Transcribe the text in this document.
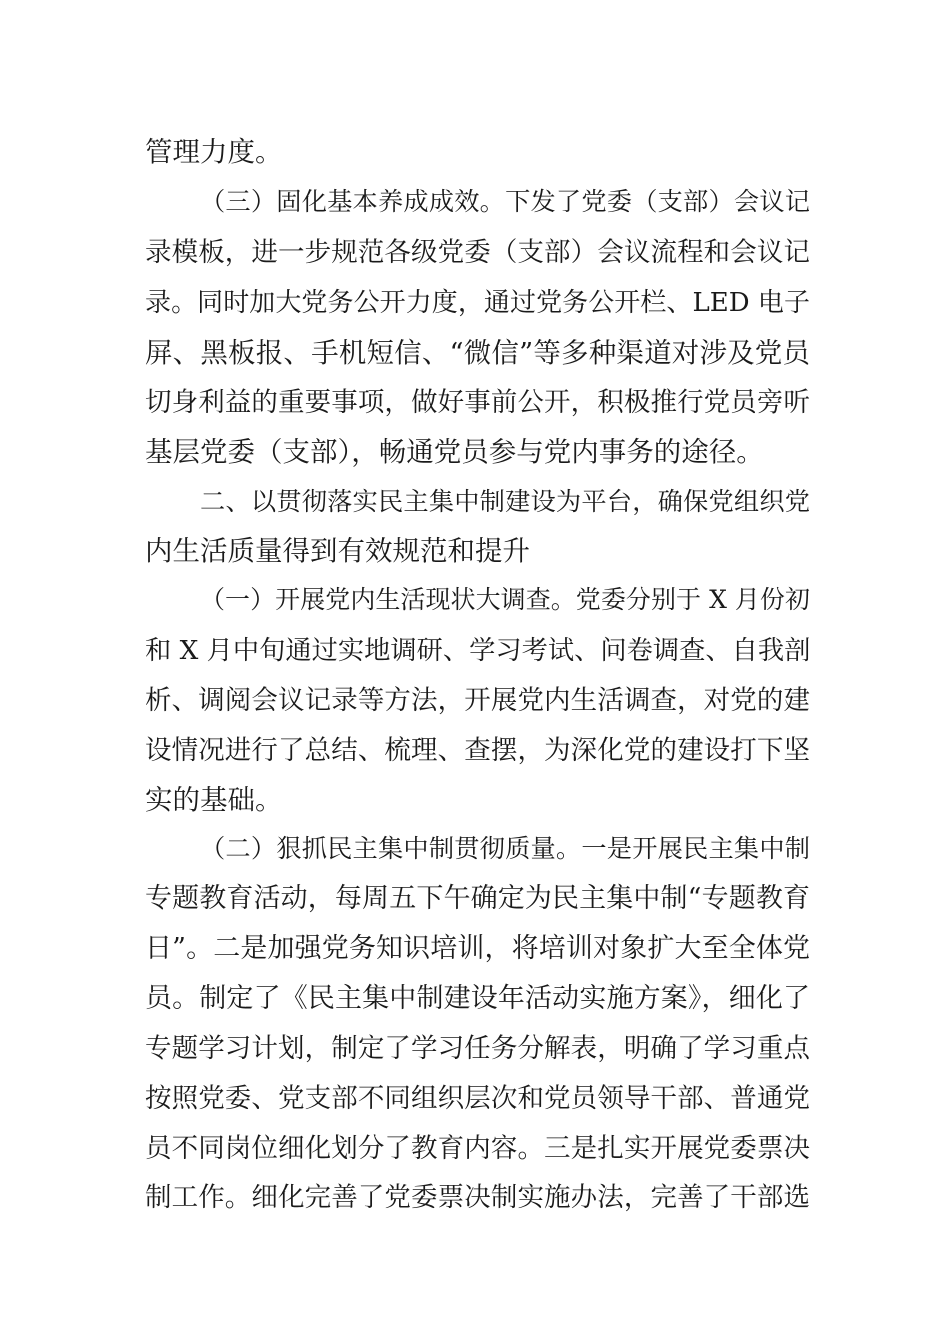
管理力度。
（三）固化基本养成成效。下发了党委（支部）会议记
录模板，进一步规范各级党委（支部）会议流程和会议记
录。同时加大党务公开力度，通过党务公开栏、LED 电子
屏、黑板报、手机短信、“微信”等多种渠道对涉及党员
切身利益的重要事项，做好事前公开，积极推行党员旁听
基层党委（支部），畅通党员参与党内事务的途径。
二、以贯彻落实民主集中制建设为平台，确保党组织党
内生活质量得到有效规范和提升
（一）开展党内生活现状大调查。党委分别于 X 月份初
和 X 月中旬通过实地调研、学习考试、问卷调查、自我剖
析、调阅会议记录等方法，开展党内生活调查，对党的建
设情况进行了总结、梳理、查摆，为深化党的建设打下坚
实的基础。
（二）狠抓民主集中制贯彻质量。一是开展民主集中制
专题教育活动，每周五下午确定为民主集中制“专题教育
日”。二是加强党务知识培训，将培训对象扩大至全体党
员。制定了《民主集中制建设年活动实施方案》，细化了
专题学习计划，制定了学习任务分解表，明确了学习重点
按照党委、党支部不同组织层次和党员领导干部、普通党
员不同岗位细化划分了教育内容。三是扎实开展党委票决
制工作。细化完善了党委票决制实施办法，完善了干部选
